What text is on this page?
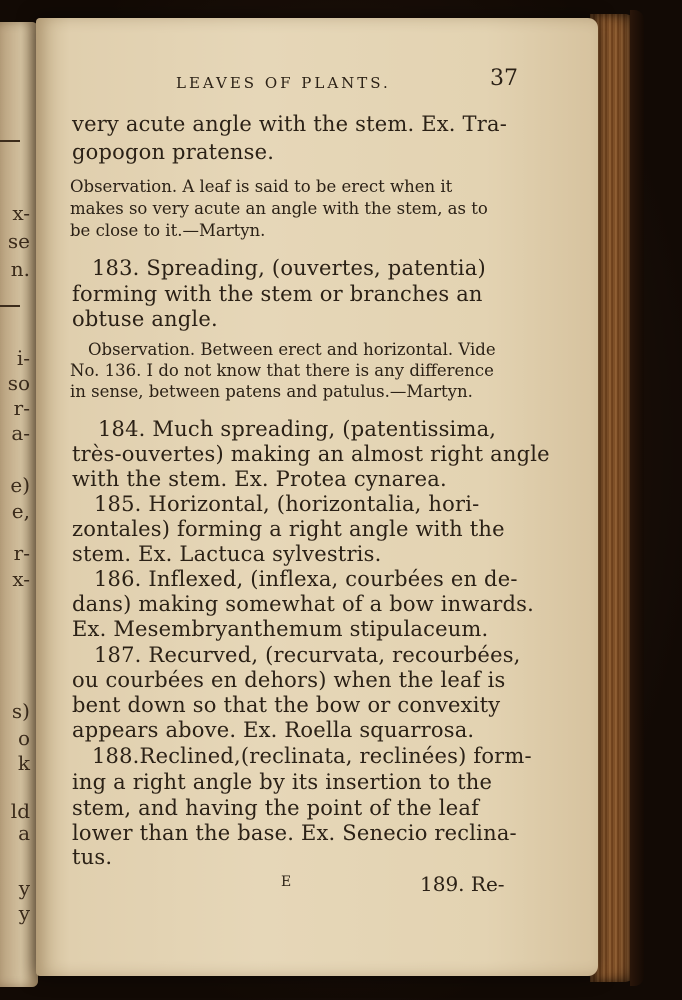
x-
se
n.
i-
so
r-
a-
e)
e,
r-
x-
s)
o
k
ld
a
y
y
LEAVES OF PLANTS.	37
very acute angle with the stem. Ex. Tra-
gopogon pratense.
Observation. A leaf is said to be erect when it
makes so very acute an angle with the stem, as to
be close to it.—Martyn.
183. Spreading, (ouvertes, patentia)
forming with the stem or branches an
obtuse angle.
Observation. Between erect and horizontal. Vide
No. 136. I do not know that there is any difference
in sense, between patens and patulus.—Martyn.
184. Much spreading, (patentissima,
très-ouvertes) making an almost right angle
with the stem. Ex. Protea cynarea.
185. Horizontal, (horizontalia, hori-
zontales) forming a right angle with the
stem. Ex. Lactuca sylvestris.
186. Inflexed, (inflexa, courbées en de-
dans) making somewhat of a bow inwards.
Ex. Mesembryanthemum stipulaceum.
187. Recurved, (recurvata, recourbées,
ou courbées en dehors) when the leaf is
bent down so that the bow or convexity
appears above. Ex. Roella squarrosa.
188.Reclined,(reclinata, reclinées) form-
ing a right angle by its insertion to the
stem, and having the point of the leaf
lower than the base. Ex. Senecio reclina-
tus.
E	189. Re-
